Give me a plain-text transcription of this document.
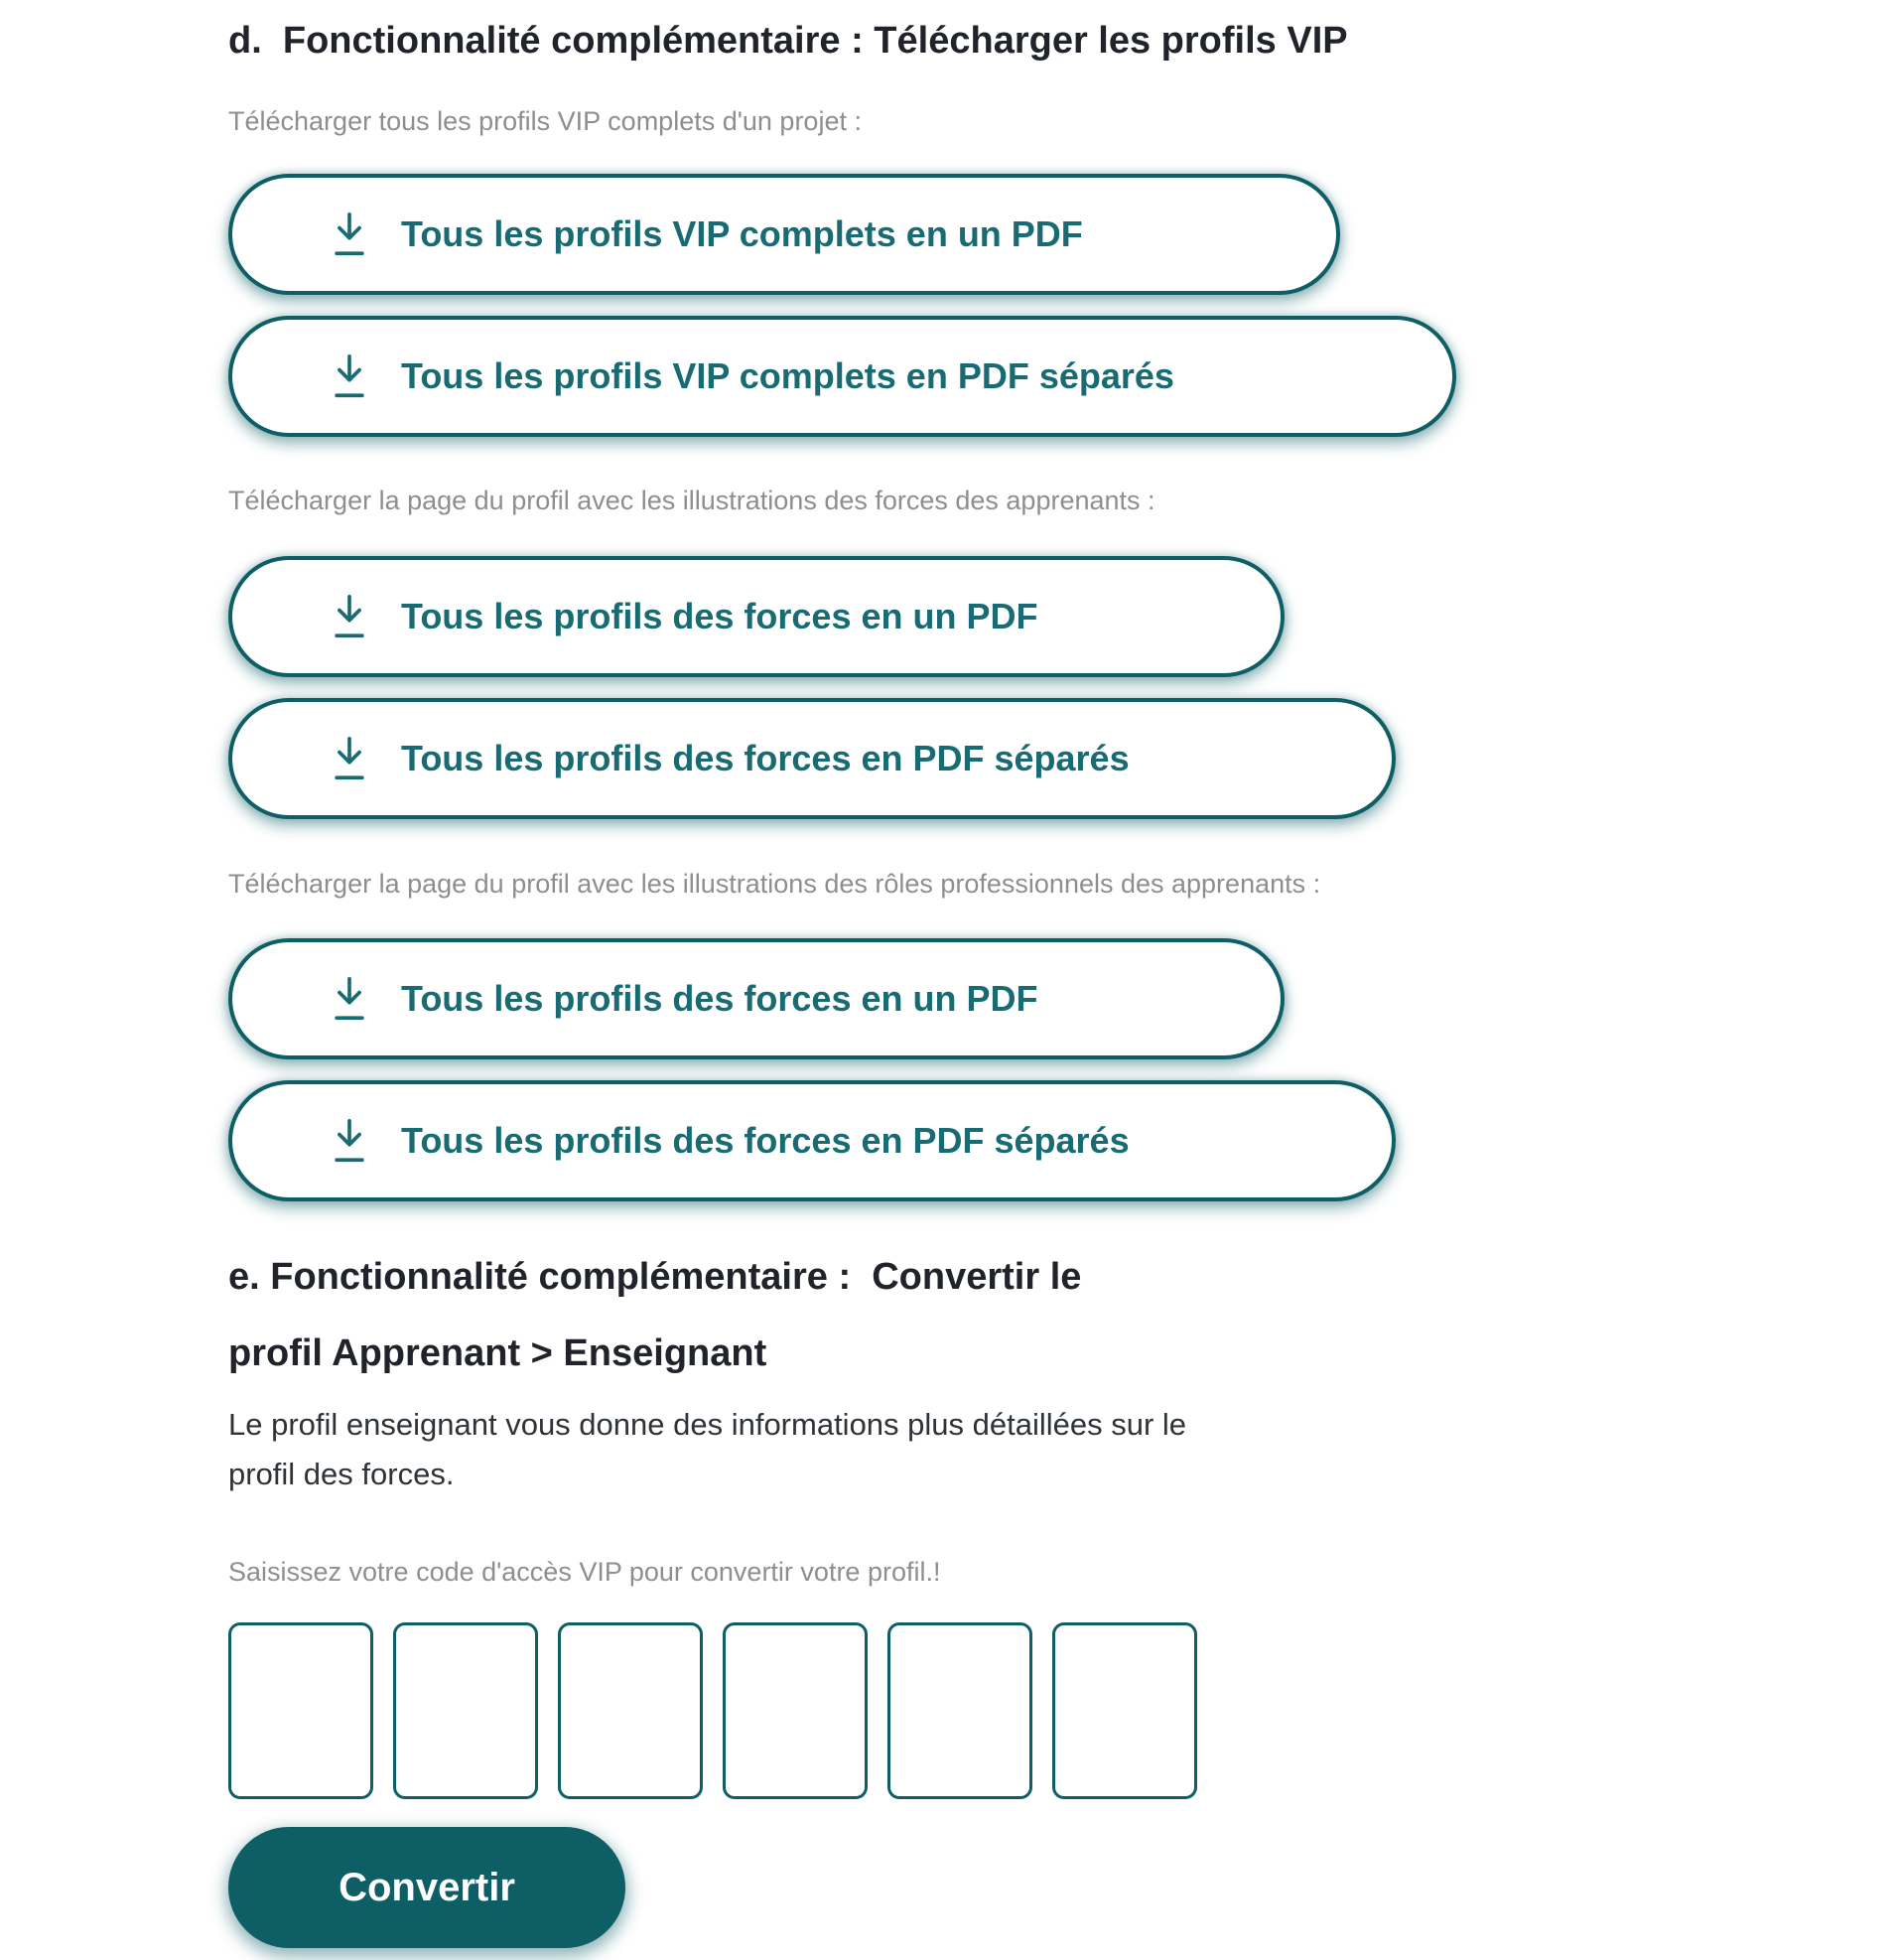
d.  Fonctionnalité complémentaire : Télécharger les profils VIP

Télécharger tous les profils VIP complets d'un projet :

Tous les profils VIP complets en un PDF
Tous les profils VIP complets en PDF séparés

Télécharger la page du profil avec les illustrations des forces des apprenants :

Tous les profils des forces en un PDF
Tous les profils des forces en PDF séparés

Télécharger la page du profil avec les illustrations des rôles professionnels des apprenants :

Tous les profils des forces en un PDF
Tous les profils des forces en PDF séparés
e. Fonctionnalité complémentaire :  Convertir le
profil Apprenant > Enseignant

Le profil enseignant vous donne des informations plus détaillées sur le
profil des forces.

Saisissez votre code d'accès VIP pour convertir votre profil.!

Convertir
